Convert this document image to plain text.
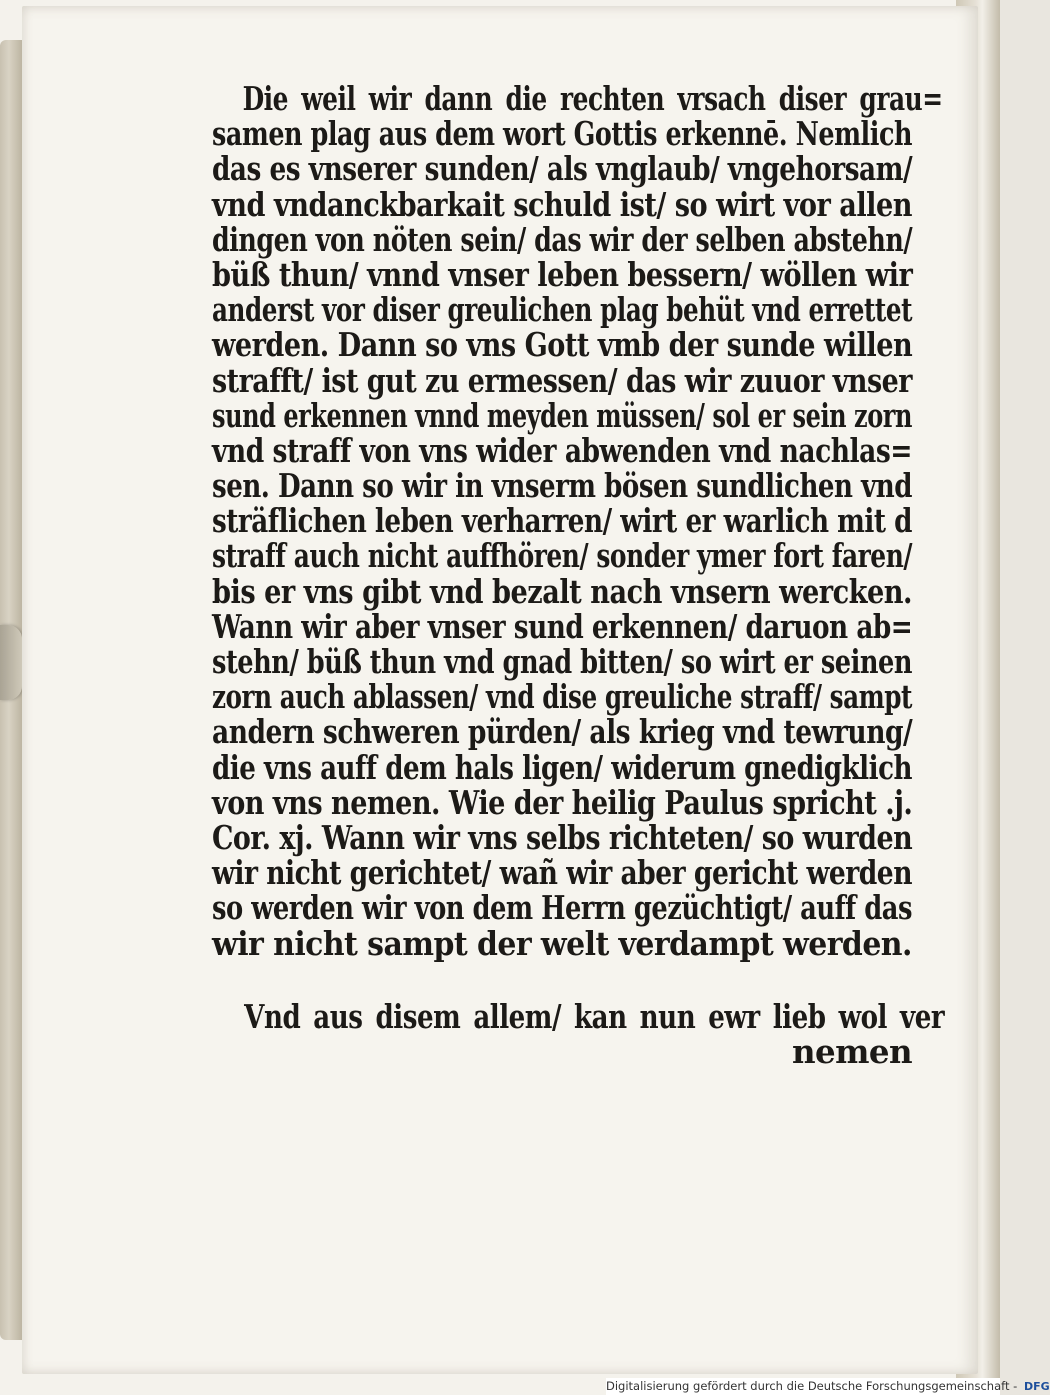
Die weil wir dann die rechten vrsach diser grau=
samen plag aus dem wort Gottis erkennē. Nemlich
das es vnserer sunden/ als vnglaub/ vngehorsam/
vnd vndanckbarkait schuld ist/ so wirt vor allen
dingen von nöten sein/ das wir der selben abstehn/
büß thun/ vnnd vnser leben bessern/ wöllen wir
anderst vor diser greulichen plag behüt vnd errettet
werden. Dann so vns Gott vmb der sunde willen
strafft/ ist gut zu ermessen/ das wir zuuor vnser
sund erkennen vnnd meyden müssen/ sol er sein zorn
vnd straff von vns wider abwenden vnd nachlas=
sen. Dann so wir in vnserm bösen sundlichen vnd
sträflichen leben verharren/ wirt er warlich mit d
straff auch nicht auffhören/ sonder ymer fort faren/
bis er vns gibt vnd bezalt nach vnsern wercken.
Wann wir aber vnser sund erkennen/ daruon ab=
stehn/ büß thun vnd gnad bitten/ so wirt er seinen
zorn auch ablassen/ vnd dise greuliche straff/ sampt
andern schweren pürden/ als krieg vnd tewrung/
die vns auff dem hals ligen/ widerum gnedigklich
von vns nemen. Wie der heilig Paulus spricht .j.
Cor. xj. Wann wir vns selbs richteten/ so wurden
wir nicht gerichtet/ wañ wir aber gericht werden
so werden wir von dem Herrn gezüchtigt/ auff das
wir nicht sampt der welt verdampt werden.
Vnd aus disem allem/ kan nun ewr lieb wol ver
nemen
Digitalisierung gefördert durch die Deutsche Forschungsgemeinschaft - DFG
